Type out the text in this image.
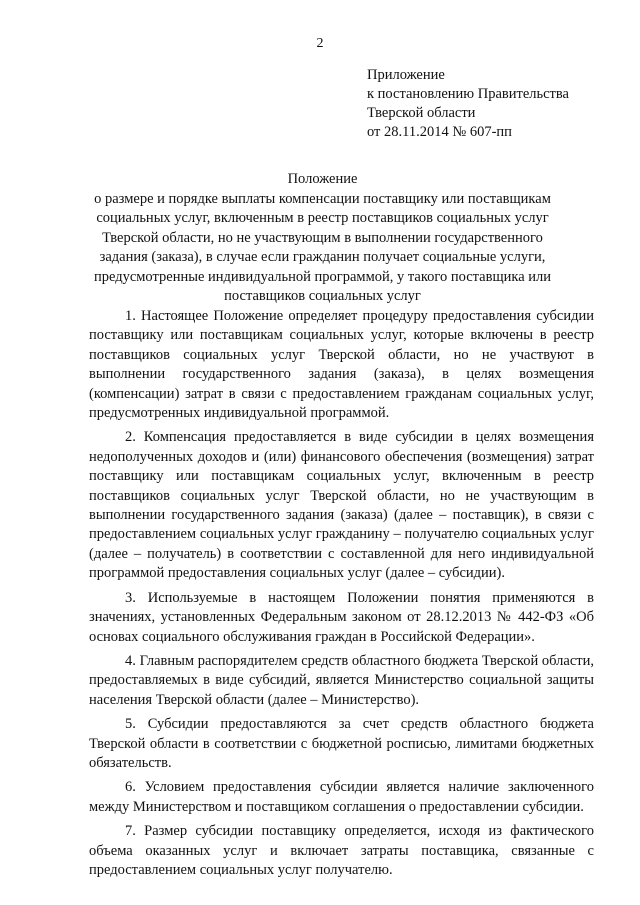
2
Приложение
к постановлению Правительства
Тверской области
от 28.11.2014 № 607-пп
Положение
о размере и порядке выплаты компенсации поставщику или поставщикам
социальных услуг, включенным в реестр поставщиков социальных услуг
Тверской области, но не участвующим в выполнении государственного
задания (заказа), в случае если гражданин получает социальные услуги,
предусмотренные индивидуальной программой, у такого поставщика или
поставщиков социальных услуг

1. Настоящее Положение определяет процедуру предоставления субсидии поставщику или поставщикам социальных услуг, которые включены в реестр поставщиков социальных услуг Тверской области, но не участвуют в выполнении государственного задания (заказа), в целях возмещения (компенсации) затрат в связи с предоставлением гражданам социальных услуг, предусмотренных индивидуальной программой.

2. Компенсация предоставляется в виде субсидии в целях возмещения недополученных доходов и (или) финансового обеспечения (возмещения) затрат поставщику или поставщикам социальных услуг, включенным в реестр поставщиков социальных услуг Тверской области, но не участвующим в выполнении государственного задания (заказа) (далее – поставщик), в связи с предоставлением социальных услуг гражданину – получателю социальных услуг (далее – получатель) в соответствии с составленной для него индивидуальной программой предоставления социальных услуг (далее – субсидии).

3. Используемые в настоящем Положении понятия применяются в значениях, установленных Федеральным законом от 28.12.2013 № 442-ФЗ «Об основах социального обслуживания граждан в Российской Федерации».

4. Главным распорядителем средств областного бюджета Тверской области, предоставляемых в виде субсидий, является Министерство социальной защиты населения Тверской области (далее – Министерство).

5. Субсидии предоставляются за счет средств областного бюджета Тверской области в соответствии с бюджетной росписью, лимитами бюджетных обязательств.

6. Условием предоставления субсидии является наличие заключенного между Министерством и поставщиком соглашения о предоставлении субсидии.

7. Размер субсидии поставщику определяется, исходя из фактического объема оказанных услуг и включает затраты поставщика, связанные с предоставлением социальных услуг получателю.
